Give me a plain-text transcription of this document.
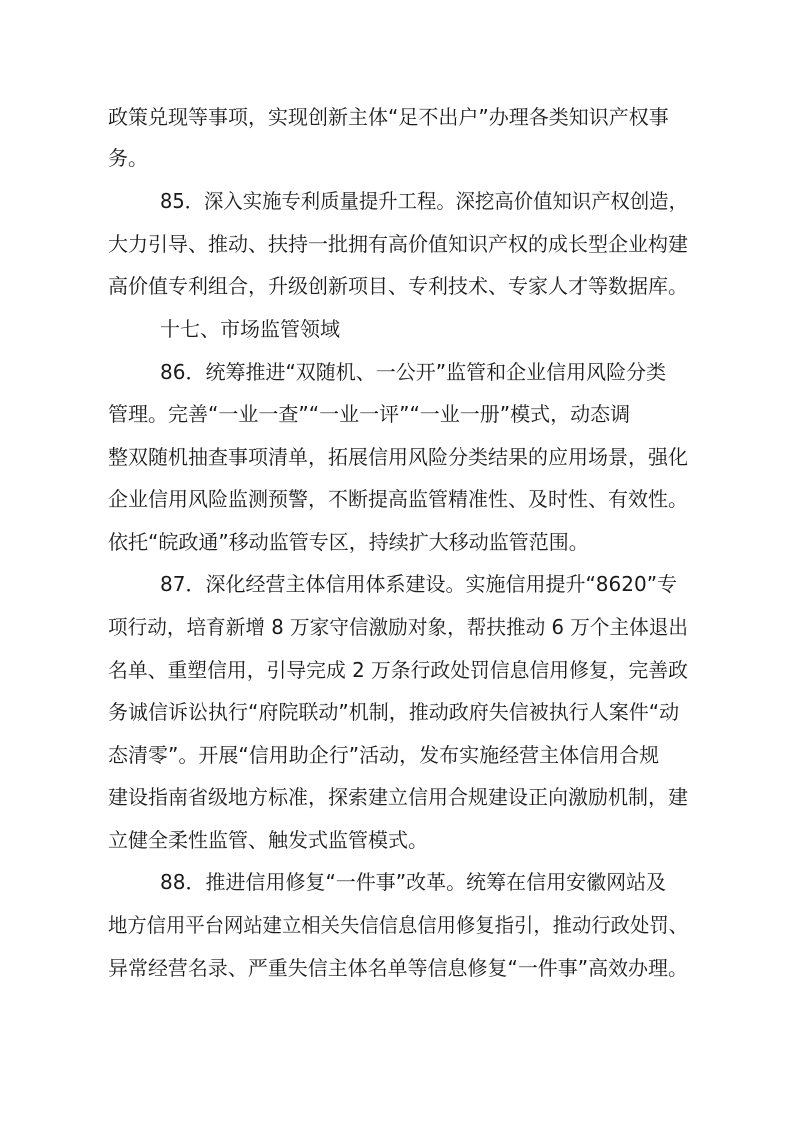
政策兑现等事项，实现创新主体“足不出户”办理各类知识产权事
务。
85．深入实施专利质量提升工程。深挖高价值知识产权创造，
大力引导、推动、扶持一批拥有高价值知识产权的成长型企业构建
高价值专利组合，升级创新项目、专利技术、专家人才等数据库。
十七、市场监管领域
86．统筹推进“双随机、一公开”监管和企业信用风险分类
管理。完善“一业一查”“一业一评”“一业一册”模式，动态调
整双随机抽查事项清单，拓展信用风险分类结果的应用场景，强化
企业信用风险监测预警，不断提高监管精准性、及时性、有效性。
依托“皖政通”移动监管专区，持续扩大移动监管范围。
87．深化经营主体信用体系建设。实施信用提升“8620”专
项行动，培育新增 8 万家守信激励对象，帮扶推动 6 万个主体退出
名单、重塑信用，引导完成 2 万条行政处罚信息信用修复，完善政
务诚信诉讼执行“府院联动”机制，推动政府失信被执行人案件“动
态清零”。开展“信用助企行”活动，发布实施经营主体信用合规
建设指南省级地方标准，探索建立信用合规建设正向激励机制，建
立健全柔性监管、触发式监管模式。
88．推进信用修复“一件事”改革。统筹在信用安徽网站及
地方信用平台网站建立相关失信信息信用修复指引，推动行政处罚、
异常经营名录、严重失信主体名单等信息修复“一件事”高效办理。
